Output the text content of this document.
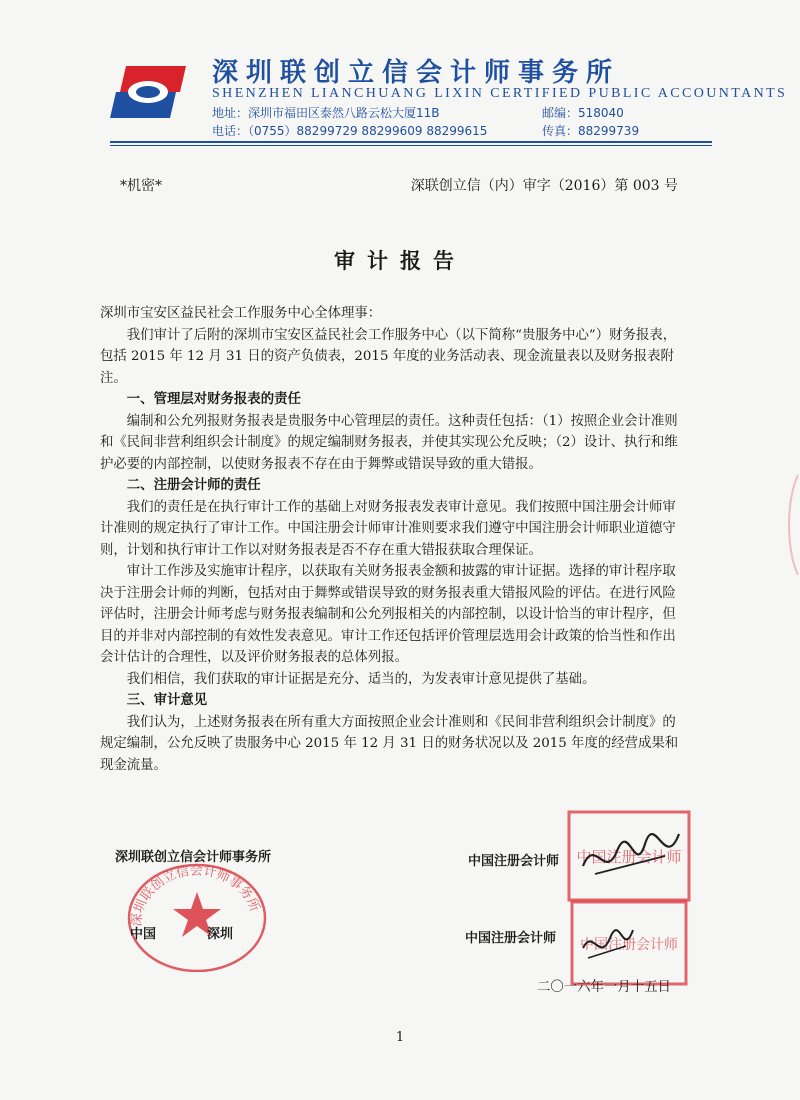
深圳联创立信会计师事务所
SHENZHEN LIANCHUANG LIXIN CERTIFIED PUBLIC ACCOUNTANTS
地址：深圳市福田区泰然八路云松大厦11B	邮编：518040
电话：（0755）88299729 88299609 88299615	传真：88299739
*机密*	深联创立信（内）审字（2016）第 003 号
审计报告

深圳市宝安区益民社会工作服务中心全体理事：

我们审计了后附的深圳市宝安区益民社会工作服务中心（以下简称“贵服务中心”）财务报表，包括 2015 年 12 月 31 日的资产负债表，2015 年度的业务活动表、现金流量表以及财务报表附注。

一、管理层对财务报表的责任

编制和公允列报财务报表是贵服务中心管理层的责任。这种责任包括：（1）按照企业会计准则和《民间非营利组织会计制度》的规定编制财务报表，并使其实现公允反映；（2）设计、执行和维护必要的内部控制，以使财务报表不存在由于舞弊或错误导致的重大错报。

二、注册会计师的责任

我们的责任是在执行审计工作的基础上对财务报表发表审计意见。我们按照中国注册会计师审计准则的规定执行了审计工作。中国注册会计师审计准则要求我们遵守中国注册会计师职业道德守则，计划和执行审计工作以对财务报表是否不存在重大错报获取合理保证。

审计工作涉及实施审计程序，以获取有关财务报表金额和披露的审计证据。选择的审计程序取决于注册会计师的判断，包括对由于舞弊或错误导致的财务报表重大错报风险的评估。在进行风险评估时，注册会计师考虑与财务报表编制和公允列报相关的内部控制，以设计恰当的审计程序，但目的并非对内部控制的有效性发表意见。审计工作还包括评价管理层选用会计政策的恰当性和作出会计估计的合理性，以及评价财务报表的总体列报。

我们相信，我们获取的审计证据是充分、适当的，为发表审计意见提供了基础。

三、审计意见

我们认为，上述财务报表在所有重大方面按照企业会计准则和《民间非营利组织会计制度》的规定编制，公允反映了贵服务中心 2015 年 12 月 31 日的财务状况以及 2015 年度的经营成果和现金流量。

深圳联创立信会计师事务所
深圳联创立信会计师事务所
中国	深圳
中国注册会计师
中国注册会计师
中国注册会计师
中国注册会计师
二〇一六年一月十五日
1
